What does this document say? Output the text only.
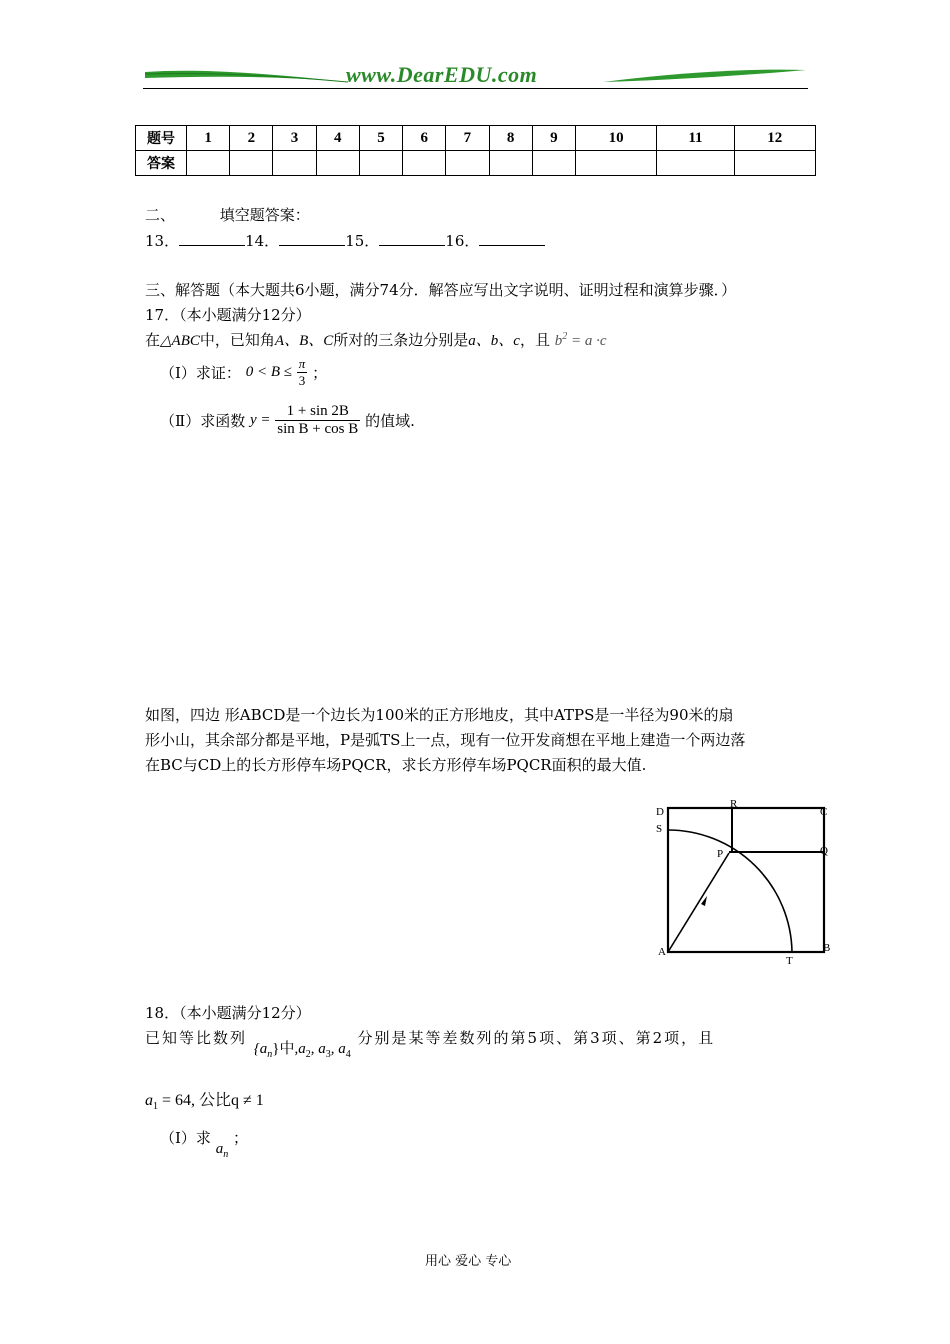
www.DearEDU.com
题号	1	2	3	4	5	6	7	8	9	10	11	12
答案												
二、	填空题答案：
13．	14．	15．	16．
三、解答题（本大题共6小题，满分74分．解答应写出文字说明、证明过程和演算步骤．）
17．（本小题满分12分）
在△ABC中，已知角A、B、C所对的三条边分别是a、b、c，且 $b^2 = a \cdot c$
（Ⅰ）求证： $0 < B \le \frac{\pi}{3}$ ；
（Ⅱ）求函数 $y = \frac{1 + \sin 2B}{\text{sin B + cos B}}$ 的值域.
如图，四边 形ABCD是一个边长为100米的正方形地皮，其中ATPS是一半径为90米的扇
形小山，其余部分都是平地，P是弧TS上一点，现有一位开发商想在平地上建造一个两边落
在BC与CD上的长方形停车场PQCR，求长方形停车场PQCR面积的最大值.
D
R
C
S
P	Q
A
T
B
18．（本小题满分12分）
已知等比数列 $\{a_n\}$中$,a_2$, $a_3$, $a_4$ 分别是某等差数列的第5项、第3项、第2项，且
$a_1 = 64$, 公比q ≠ 1
（Ⅰ）求 $a_n$ ；
用心 爱心 专心
